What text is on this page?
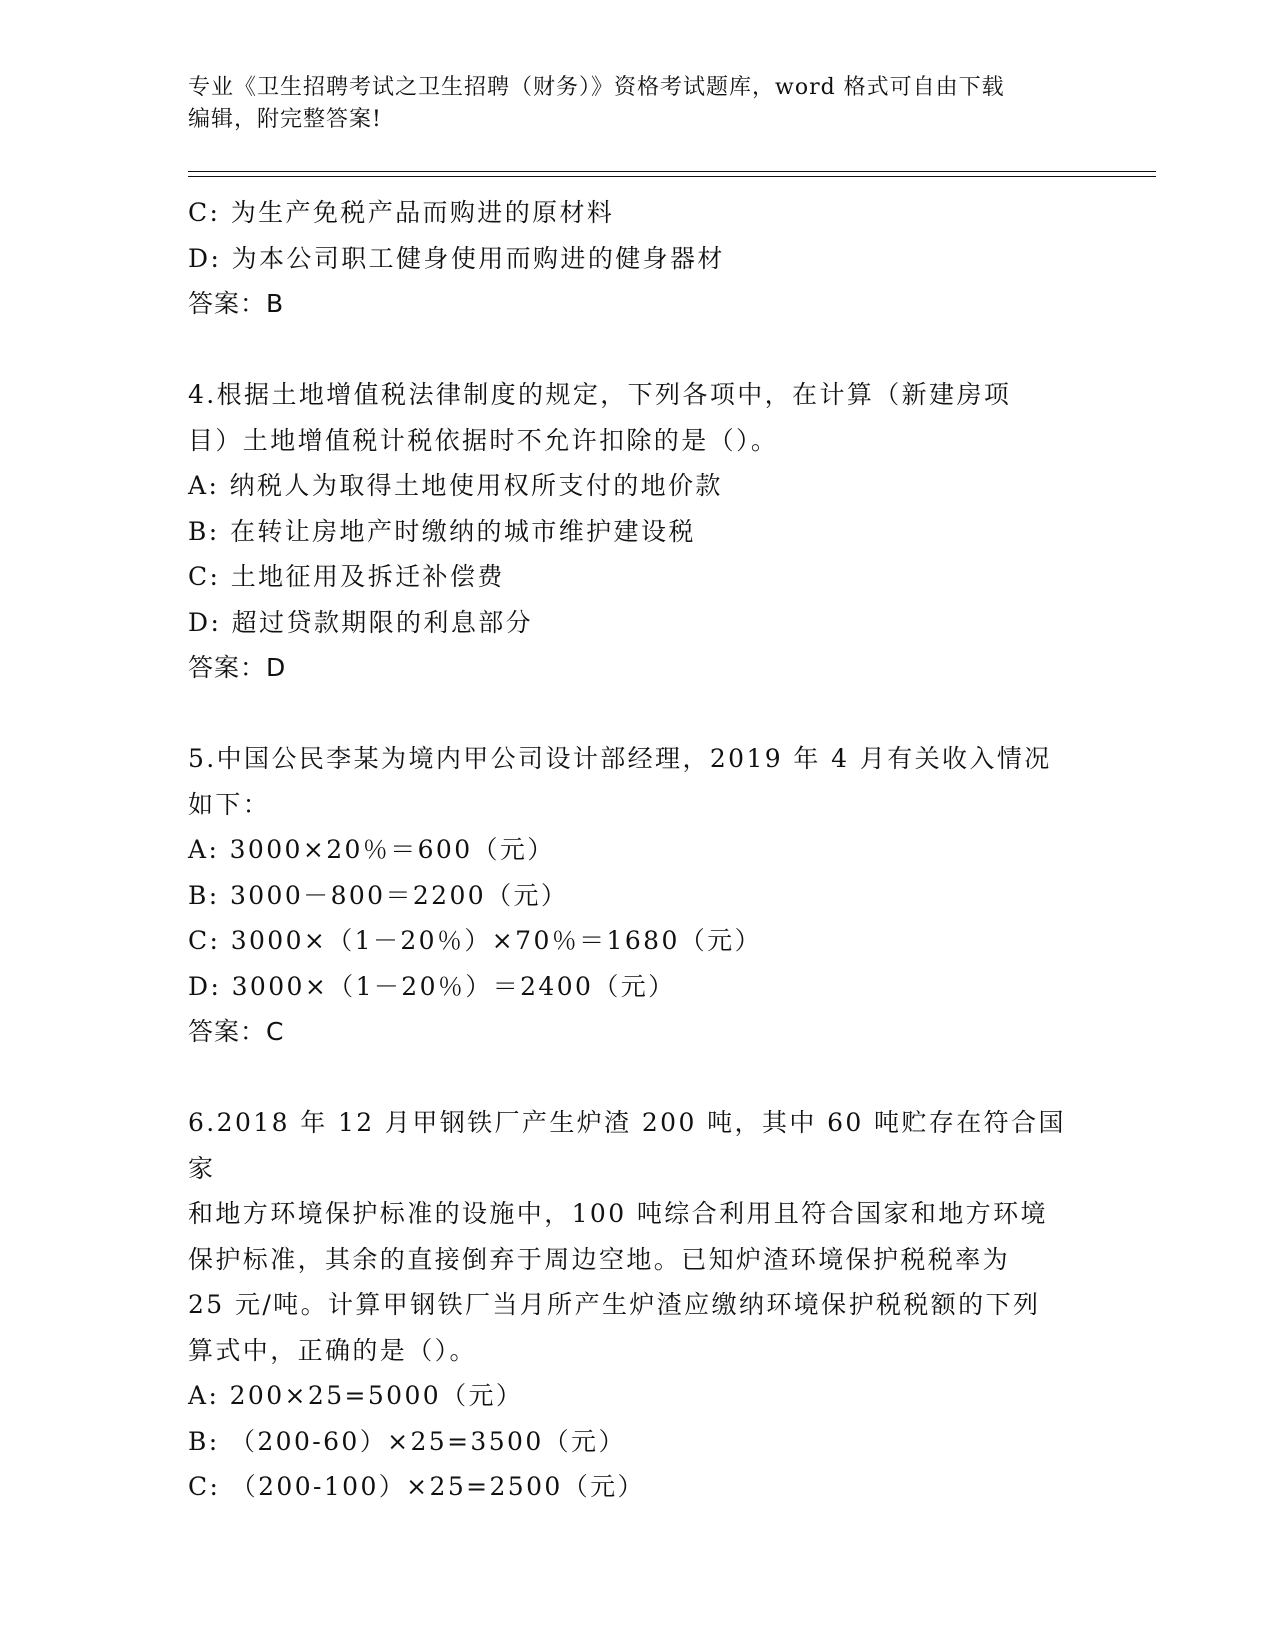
专业《卫生招聘考试之卫生招聘（财务）》资格考试题库，word 格式可自由下载
编辑，附完整答案!
C: 为生产免税产品而购进的原材料
D: 为本公司职工健身使用而购进的健身器材
答案：B
4.根据土地增值税法律制度的规定，下列各项中，在计算（新建房项
目）土地增值税计税依据时不允许扣除的是（）。
A: 纳税人为取得土地使用权所支付的地价款
B: 在转让房地产时缴纳的城市维护建设税
C: 土地征用及拆迁补偿费
D: 超过贷款期限的利息部分
答案：D
5.中国公民李某为境内甲公司设计部经理，2019 年 4 月有关收入情况
如下：
A: 3000×20％＝600（元）
B: 3000－800＝2200（元）
C: 3000×（1－20％）×70％＝1680（元）
D: 3000×（1－20％）＝2400（元）
答案：C
6.2018 年 12 月甲钢铁厂产生炉渣 200 吨，其中 60 吨贮存在符合国家
和地方环境保护标准的设施中，100 吨综合利用且符合国家和地方环境
保护标准，其余的直接倒弃于周边空地。已知炉渣环境保护税税率为
25 元/吨。计算甲钢铁厂当月所产生炉渣应缴纳环境保护税税额的下列
算式中，正确的是（）。
A: 200×25=5000（元）
B: （200-60）×25=3500（元）
C: （200-100）×25=2500（元）
